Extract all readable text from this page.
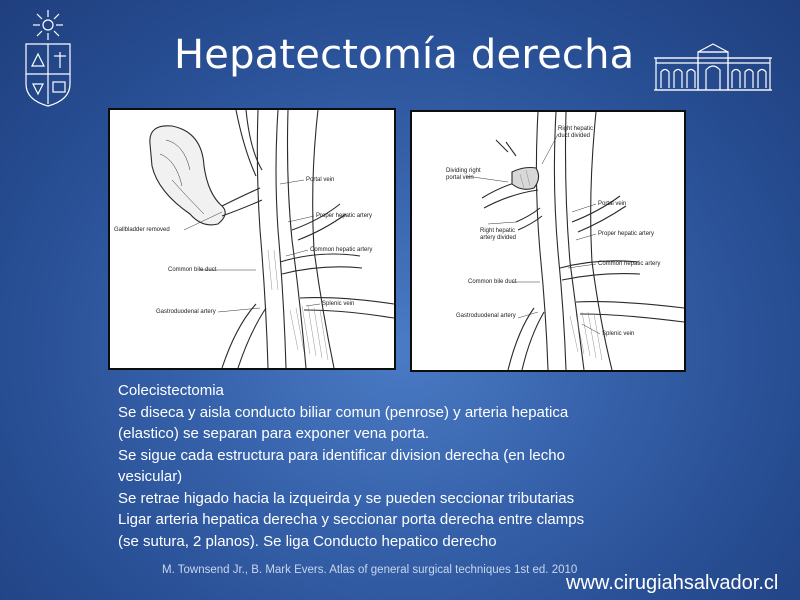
Hepatectomía derecha
Gallbladder removed
Portal vein
Proper hepatic artery
Common hepatic artery
Common bile duct
Gastroduodenal artery
Splenic vein
Right hepatic
duct divided
Dividing right
portal vein
Right hepatic
artery divided
Portal vein
Proper hepatic artery
Common hepatic artery
Common bile duct
Gastroduodenal artery
Splenic vein
Colecistectomia
Se diseca y aisla conducto biliar comun (penrose) y arteria hepatica
(elastico) se separan para exponer vena porta.
Se sigue cada estructura para identificar division derecha (en lecho
vesicular)
Se retrae higado hacia la izqueirda y se pueden seccionar tributarias
Ligar arteria hepatica derecha y seccionar porta derecha entre clamps
(se sutura, 2 planos). Se liga Conducto hepatico derecho
M. Townsend Jr., B. Mark Evers. Atlas of general surgical techniques 1st ed. 2010
www.cirugiahsalvador.cl
